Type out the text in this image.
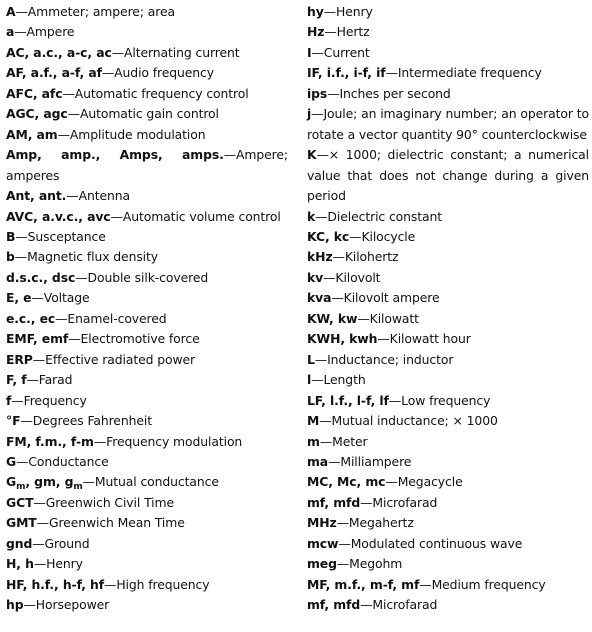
A—Ammeter; ampere; area
a—Ampere
AC, a.c., a-c, ac—Alternating current
AF, a.f., a-f, af—Audio frequency
AFC, afc—Automatic frequency control
AGC, agc—Automatic gain control
AM, am—Amplitude modulation
Amp, amp., Amps, amps.—Ampere; amperes
Ant, ant.—Antenna
AVC, a.v.c., avc—Automatic volume control
B—Susceptance
b—Magnetic flux density
d.s.c., dsc—Double silk-covered
E, e—Voltage
e.c., ec—Enamel-covered
EMF, emf—Electromotive force
ERP—Effective radiated power
F, f—Farad
f—Frequency
°F—Degrees Fahrenheit
FM, f.m., f-m—Frequency modulation
G—Conductance
$G_m$, gm, $g_m—Mutual$ conductance
GCT—Greenwich Civil Time
GMT—Greenwich Mean Time
gnd—Ground
H, h—Henry
HF, h.f., h-f, hf—High frequency
hp—Horsepower
hy—Henry
Hz—Hertz
I—Current
IF, i.f., i-f, if—Intermediate frequency
ips—Inches per second
j—Joule; an imaginary number; an operator to rotate a vector quantity 90° counterclockwise
K—× 1000; dielectric constant; a numerical value that does not change during a given period
k—Dielectric constant
KC, kc—Kilocycle
kHz—Kilohertz
kv—Kilovolt
kva—Kilovolt ampere
KW, kw—Kilowatt
KWH, kwh—Kilowatt hour
L—Inductance; inductor
l—Length
LF, l.f., l-f, lf—Low frequency
M—Mutual inductance; × 1000
m—Meter
ma—Milliampere
MC, Mc, mc—Megacycle
mf, mfd—Microfarad
MHz—Megahertz
mcw—Modulated continuous wave
meg—Megohm
MF, m.f., m-f, mf—Medium frequency
mf, mfd—Microfarad
